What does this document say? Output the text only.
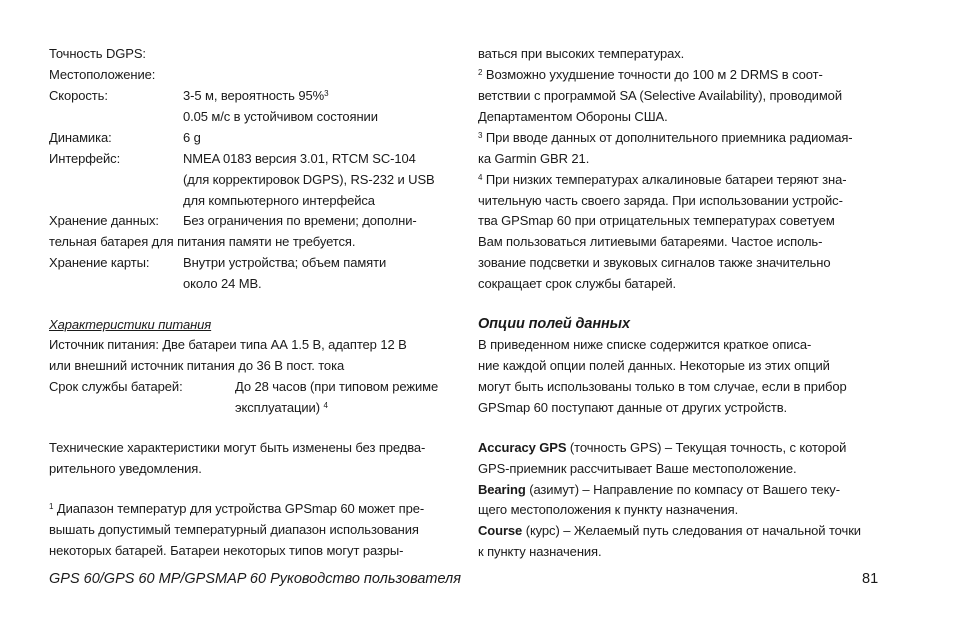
Точность DGPS:
Местоположение:
Скорость:	3-5 м, вероятность 95%$^3$
0.05 м/с в устойчивом состоянии
Динамика:	6 g
Интерфейс:	NMEA 0183 версия 3.01, RTCM SC-104
(для корректировок DGPS), RS-232 и USB
для компьютерного интерфейса
Хранение данных: Без ограничения по времени; дополни-
тельная батарея для питания памяти не требуется.
Хранение карты:	Внутри устройства; объем памяти
около 24 MB.
Характеристики питания
Источник питания: Две батареи типа АА 1.5 В, адаптер 12 В
или внешний источник питания до 36 В пост. тока
Срок службы батарей:	До 28 часов (при типовом режиме
эксплуатации) $^4$
Технические характеристики могут быть изменены без предва-
рительного уведомления.
$^1$ Диапазон температур для устройства GPSmap 60 может пре-
вышать допустимый температурный диапазон использования
некоторых батарей. Батареи некоторых типов могут разры-
ваться при высоких температурах.
$^2$ Возможно ухудшение точности до 100 м 2 DRMS в соот-
ветствии с программой SA (Selective Availability), проводимой
Департаментом Обороны США.
$^3$ При вводе данных от дополнительного приемника радиомая-
ка Garmin GBR 21.
$^4$ При низких температурах алкалиновые батареи теряют зна-
чительную часть своего заряда. При использовании устройс-
тва GPSmap 60 при отрицательных температурах советуем
Вам пользоваться литиевыми батареями. Частое исполь-
зование подсветки и звуковых сигналов также значительно
сокращает срок службы батарей.
Опции полей данных
В приведенном ниже списке содержится краткое описа-
ние каждой опции полей данных. Некоторые из этих опций
могут быть использованы только в том случае, если в прибор
GPSmap 60 поступают данные от других устройств.
Accuracy GPS (точность GPS) – Текущая точность, с которой
GPS-приемник рассчитывает Ваше местоположение.
Bearing (азимут) – Направление по компасу от Вашего теку-
щего местоположения к пункту назначения.
Course (курс) – Желаемый путь следования от начальной точки
к пункту назначения.
GPS 60/GPS 60 MP/GPSMAP 60 Руководство пользователя	81
